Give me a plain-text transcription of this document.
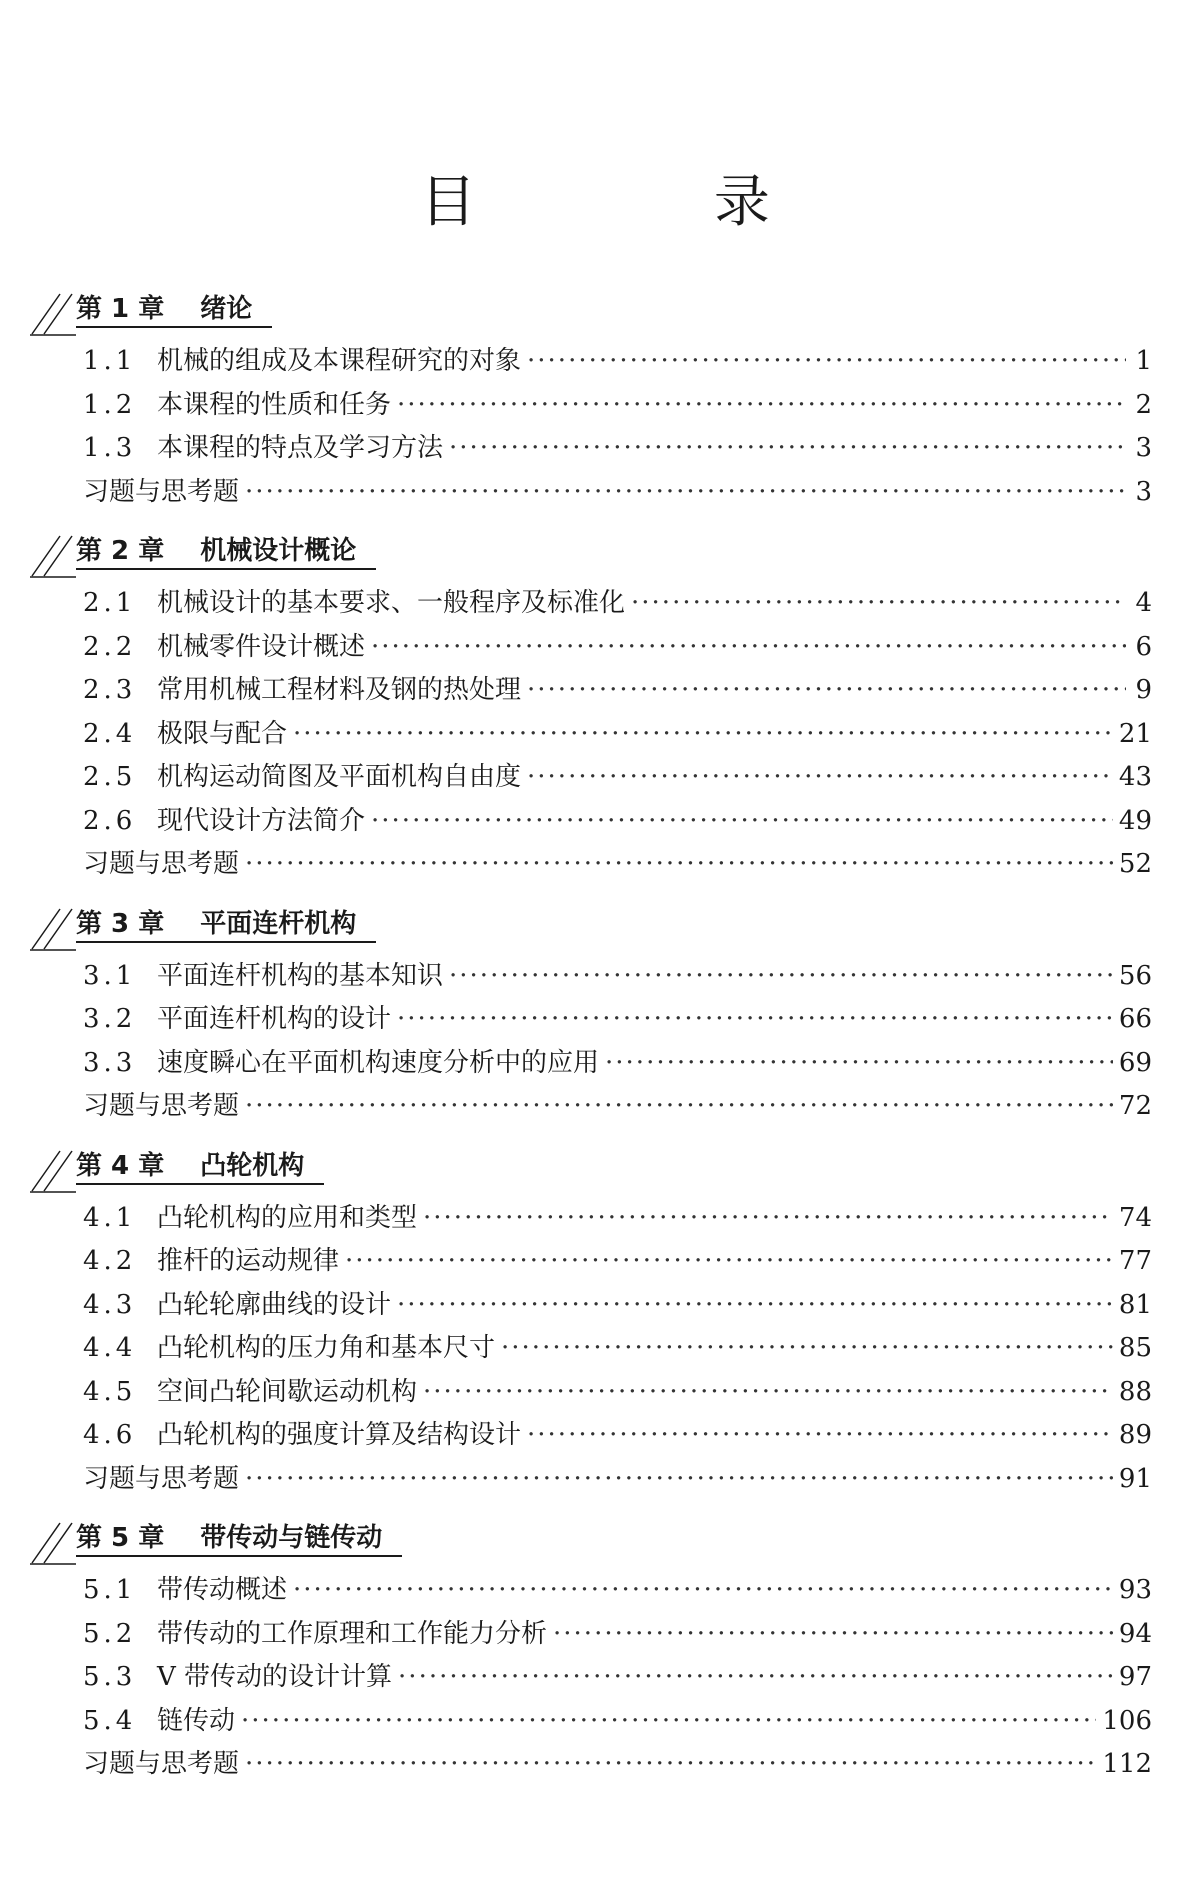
目 录
第 1 章 绪论
1.1 机械的组成及本课程研究的对象 ·····	1
1.2 本课程的性质和任务 ·····	2
1.3 本课程的特点及学习方法 ·····	3
习题与思考题 ·····	3
第 2 章 机械设计概论
2.1 机械设计的基本要求、一般程序及标准化 ·····	4
2.2 机械零件设计概述 ·····	6
2.3 常用机械工程材料及钢的热处理 ·····	9
2.4 极限与配合 ·····	21
2.5 机构运动简图及平面机构自由度 ·····	43
2.6 现代设计方法简介 ·····	49
习题与思考题 ·····	52
第 3 章 平面连杆机构
3.1 平面连杆机构的基本知识 ·····	56
3.2 平面连杆机构的设计 ·····	66
3.3 速度瞬心在平面机构速度分析中的应用 ·····	69
习题与思考题 ·····	72
第 4 章 凸轮机构
4.1 凸轮机构的应用和类型 ·····	74
4.2 推杆的运动规律 ·····	77
4.3 凸轮轮廓曲线的设计 ·····	81
4.4 凸轮机构的压力角和基本尺寸 ·····	85
4.5 空间凸轮间歇运动机构 ·····	88
4.6 凸轮机构的强度计算及结构设计 ·····	89
习题与思考题 ·····	91
第 5 章 带传动与链传动
5.1 带传动概述 ·····	93
5.2 带传动的工作原理和工作能力分析 ·····	94
5.3 V 带传动的设计计算 ·····	97
5.4 链传动 ·····	106
习题与思考题 ·····	112
